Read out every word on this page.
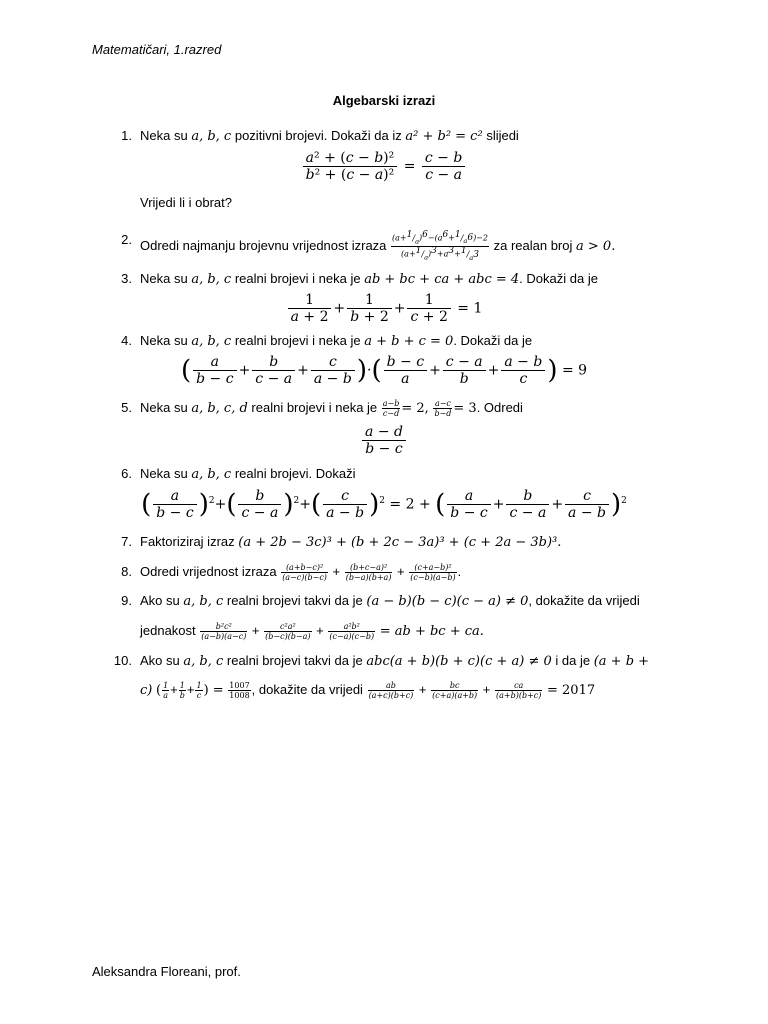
Matematičari, 1.razred
Algebarski izrazi
1. Neka su a, b, c pozitivni brojevi. Dokaži da iz a² + b² = c² slijedi
$\frac{\text{a² + (c − b)²}}{\text{b² + (c − a)²}} = \frac{c - b}{c - a}$
Vrijedi li i obrat?
2. Odredi najmanju brojevnu vrijednost izraza $\frac{(a+^1/_a)^6-(a^6+^1/_{a^6})-2}{(a+^1/_a)^3+a^3+^1/_{a^3}}$ za realan broj a > 0.
3. Neka su a, b, c realni brojevi i neka je ab + bc + ca + abc = 4. Dokaži da je
$\frac{1}{a + 2} + \frac{1}{b + 2} + \frac{1}{c + 2} = 1$
4. Neka su a, b, c realni brojevi i neka je a + b + c = 0. Dokaži da je
( $\frac{a}{b - c} + \frac{b}{c - a} + \frac{c}{a - b}$ )·( $\frac{b - c}{a} + \frac{c - a}{b} + \frac{a - b}{c}$ ) = 9
5. Neka su a, b, c, d realni brojevi i neka je $\frac{a-b}{c-d} = 2$, $\frac{a-c}{b-d} = 3$. Odredi
$\frac{a - d}{b - c}$
6. Neka su a, b, c realni brojevi. Dokaži
( $\frac{a}{b - c} )^2+( \frac{b}{c - a} )^2+( \frac{c}{a - b} )^2 = 2$ + ( $\frac{a}{b - c} + \frac{b}{c - a} + \frac{c}{a - b} )^2$
7. Faktoriziraj izraz (a + 2b − 3c)³ + (b + 2c − 3a)³ + (c + 2a − 3b)³.
8. Odredi vrijednost izraza $\frac{\text{(a+b−c)²}}{(a-c)(b-c)} + \frac{\text{(b+c−a)²}}{(b-a)(b+a)} + \frac{\text{(c+a−b)²}}{(c-b)(a-b)}$ .
9. Ako su a, b, c realni brojevi takvi da je (a − b)(b − c)(c − a) ≠ 0, dokažite da vrijedi
jednakost $\frac{\text{b²c²}}{(a-b)(a-c)} + \frac{\text{c²a²}}{(b-c)(b-a)} + \frac{\text{a²b²}}{(c-a)(c-b)}$ = ab + bc + ca.
10. Ako su a, b, c realni brojevi takvi da je abc(a + b)(b + c)(c + a) ≠ 0 i da je (a + b +
c) ( $\frac{1}{a} + \frac{1}{b} + \frac{1}{c}$ ) = $\frac{1007}{1008}$ , dokažite da vrijedi $\frac{ab}{(a+c)(b+c)} + \frac{bc}{(c+a)(a+b)} + \frac{ca}{(a+b)(b+c)} = 2017$
Aleksandra Floreani, prof.
